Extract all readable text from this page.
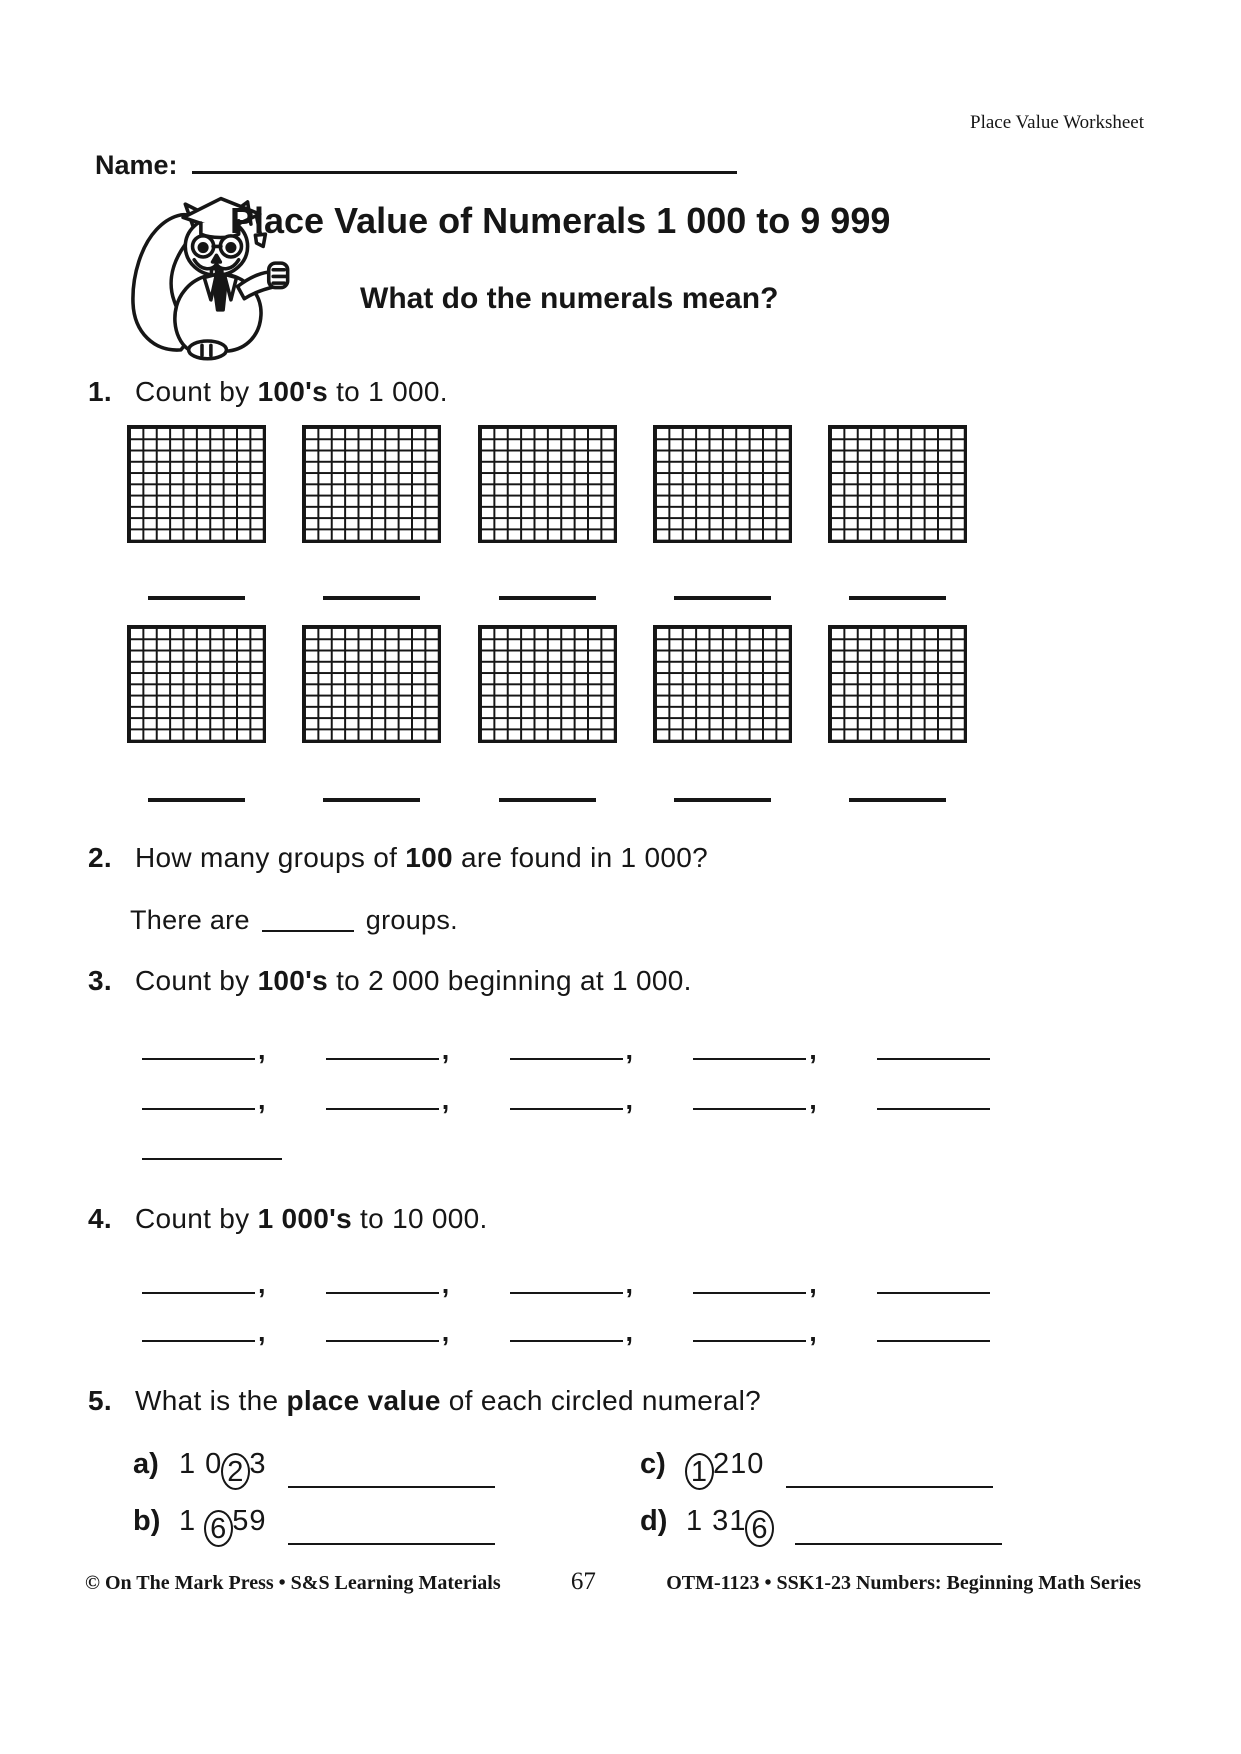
Place Value Worksheet
Name:
Place Value of Numerals 1 000 to 9 999
What do the numerals mean?
1. Count by 100's to 1 000.
2. How many groups of 100 are found in 1 000?
There are	groups.
3. Count by 100's to 2 000 beginning at 1 000.
,	,	,	,
,	,	,	,
4. Count by 1 000's to 10 000.
,	,	,	,
,	,	,	,
5. What is the place value of each circled numeral?
a) 1 0 2 3
b) 1 6 59
c) 1 210
d) 1 31 6
© On The Mark Press • S&S Learning Materials	67	OTM-1123 • SSK1-23 Numbers: Beginning Math Series
